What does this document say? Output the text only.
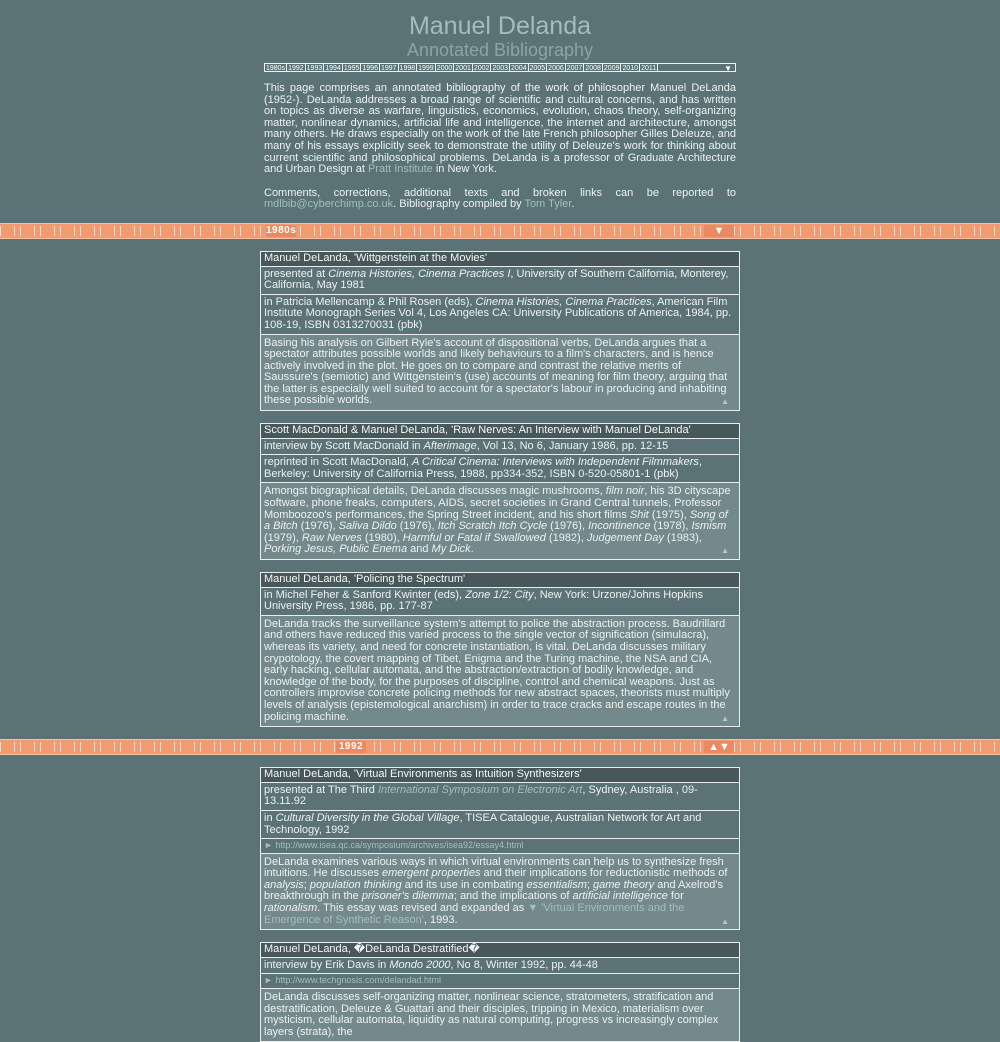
Manuel Delanda
Annotated Bibliography
1980s 1992 1993 1994 1995 1996 1997 1998 1999 2000 2001 2002 2003 2004 2005 2006 2007 2008 2009 2010 2011	▼

This page comprises an annotated bibliography of the work of philosopher Manuel DeLanda (1952-). DeLanda addresses a broad range of scientific and cultural concerns, and has written on topics as diverse as warfare, linguistics, economics, evolution, chaos theory, self-organizing matter, nonlinear dynamics, artificial life and intelligence, the internet and architecture, amongst many others. He draws especially on the work of the late French philosopher Gilles Deleuze, and many of his essays explicitly seek to demonstrate the utility of Deleuze's work for thinking about current scientific and philosophical problems. DeLanda is a professor of Graduate Architecture and Urban Design at Pratt Institute in New York.

Comments, corrections, additional texts and broken links can be reported to mdlbib@cyberchimp.co.uk. Bibliography compiled by Tom Tyler.

1980s	▼
Manuel DeLanda, 'Wittgenstein at the Movies'
presented at Cinema Histories, Cinema Practices I, University of Southern California, Monterey, California, May 1981
in Patricia Mellencamp & Phil Rosen (eds), Cinema Histories, Cinema Practices, American Film Institute Monograph Series Vol 4, Los Angeles CA: University Publications of America, 1984, pp. 108-19, ISBN 0313270031 (pbk)
Basing his analysis on Gilbert Ryle's account of dispositional verbs, DeLanda argues that a spectator attributes possible worlds and likely behaviours to a film's characters, and is hence actively involved in the plot. He goes on to compare and contrast the relative merits of Saussure's (semiotic) and Wittgenstein's (use) accounts of meaning for film theory, arguing that the latter is especially well suited to account for a spectator's labour in producing and inhabiting these possible worlds.	▲
Scott MacDonald & Manuel DeLanda, 'Raw Nerves: An Interview with Manuel DeLanda'
interview by Scott MacDonald in Afterimage, Vol 13, No 6, January 1986, pp. 12-15
reprinted in Scott MacDonald, A Critical Cinema: Interviews with Independent Filmmakers, Berkeley: University of California Press, 1988, pp334-352, ISBN 0-520-05801-1 (pbk)
Amongst biographical details, DeLanda discusses magic mushrooms, film noir, his 3D cityscape software, phone freaks, computers, AIDS, secret societies in Grand Central tunnels, Professor Momboozoo's performances, the Spring Street incident, and his short films Shit (1975), Song of a Bitch (1976), Saliva Dildo (1976), Itch Scratch Itch Cycle (1976), Incontinence (1978), Ismism (1979), Raw Nerves (1980), Harmful or Fatal if Swallowed (1982), Judgement Day (1983), Porking Jesus, Public Enema and My Dick.	▲
Manuel DeLanda, 'Policing the Spectrum'
in Michel Feher & Sanford Kwinter (eds), Zone 1/2: City, New York: Urzone/Johns Hopkins University Press, 1986, pp. 177-87
DeLanda tracks the surveillance system's attempt to police the abstraction process. Baudrillard and others have reduced this varied process to the single vector of signification (simulacra), whereas its variety, and need for concrete instantiation, is vital. DeLanda discusses military crypotology, the covert mapping of Tibet, Enigma and the Turing machine, the NSA and CIA, early hacking, cellular automata, and the abstraction/extraction of bodily knowledge, and knowledge of the body, for the purposes of discipline, control and chemical weapons. Just as controllers improvise concrete policing methods for new abstract spaces, theorists must multiply levels of analysis (epistemological anarchism) in order to trace cracks and escape routes in the policing machine.	▲
1992	▲▼
Manuel DeLanda, 'Virtual Environments as Intuition Synthesizers'
presented at The Third International Symposium on Electronic Art, Sydney, Australia , 09-13.11.92
in Cultural Diversity in the Global Village, TISEA Catalogue, Australian Network for Art and Technology, 1992
► http://www.isea.qc.ca/symposium/archives/isea92/essay4.html
DeLanda examines various ways in which virtual environments can help us to synthesize fresh intuitions. He discusses emergent properties and their implications for reductionistic methods of analysis; population thinking and its use in combating essentialism; game theory and Axelrod's breakthrough in the prisoner's dilemma; and the implications of artificial intelligence for rationalism. This essay was revised and expanded as ▼ 'Virtual Environments and the Emergence of Synthetic Reason', 1993.	▲
Manuel DeLanda, �DeLanda Destratified�
interview by Erik Davis in Mondo 2000, No 8, Winter 1992, pp. 44-48
► http://www.techgnosis.com/delandad.html
DeLanda discusses self-organizing matter, nonlinear science, stratometers, stratification and destratification, Deleuze & Guattari and their disciples, tripping in Mexico, materialism over mysticism, cellular automata, liquidity as natural computing, progress vs increasingly complex layers (strata), the
